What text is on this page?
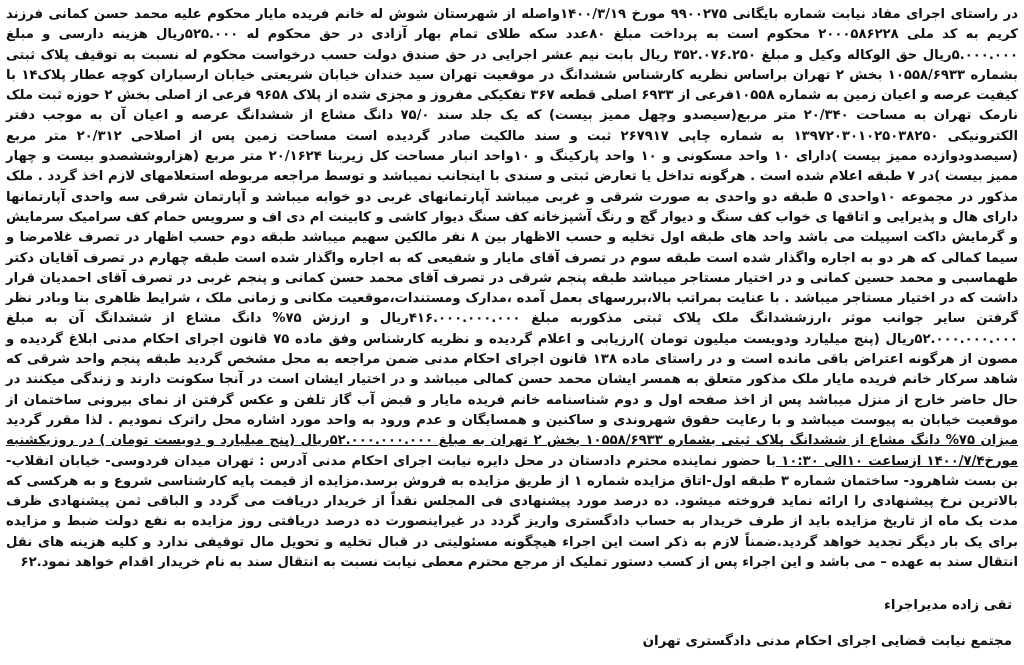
در راستای اجرای مفاد نیابت شماره بایگانی ۹۹۰۰۲۷۵ مورخ ۱۴۰۰/۳/۱۹واصله از شهرستان شوش له خانم فریده مایار محکوم علیه محمد حسن کمانی فرزند کریم به کد ملی ۲۰۰۰۵۸۶۲۲۸ محکوم است به پرداخت مبلغ ۸۰عدد سکه طلای تمام بهار آزادی در حق محکوم له ۵۲۵.۰۰۰ریال هزینه دارسی و مبلغ ۵.۰۰۰.۰۰۰ریال حق الوکاله وکیل و مبلغ ۳۵۲.۰۷۶.۲۵۰ ریال بابت نیم عشر اجرایی در حق صندق دولت حسب درخواست محکوم له نسبت به توقیف پلاک ثبتی بشماره ۱۰۵۵۸/۶۹۳۳ بخش ۲ تهران براساس نظریه کارشناس ششدانگ در موقعیت تهران سید خندان خیابان شریعتی خیابان ارسباران کوچه عطار پلاک۱۴ با کیفیت عرصه و اعیان زمین به شماره ۱۰۵۵۸فرعی از ۶۹۳۳ اصلی قطعه ۳۶۷ تفکیکی مفروز و مجزی شده از پلاک ۹۶۵۸ فرعی از اصلی بخش ۲ حوزه ثبت ملک نارمک تهران به مساحت ۲۰/۳۴۰ متر مربع(سیصدو وچهل ممیز بیست) که یک جلد سند ۷۵/۰ دانگ مشاع از ششدانگ عرصه و اعیان آن به موجب دفتر الکترونیکی ۱۳۹۷۲۰۳۰۱۰۲۵۰۳۸۲۵۰ به شماره چاپی ۲۶۷۹۱۷ ثبت و سند مالکیت صادر گردیده است مساحت زمین پس از اصلاحی ۲۰/۳۱۲ متر مربع (سیصدودوازده ممیز بیست )دارای ۱۰ واحد مسکونی و ۱۰ واحد پارکینگ و ۱۰واحد انبار مساحت کل زیربنا ۲۰/۱۶۲۴ متر مربع (هزاروششصدو بیست و چهار ممیز بیست )در ۷ طبقه اعلام شده است . هرگونه تداخل یا تعارض ثبتی و سندی با اینجانب نمیباشد و توسط مراجعه مربوطه استعلامهای لازم اخذ گردد . ملک مذکور در مجموعه ۱۰واحدی ۵ طبقه دو واحدی به صورت شرقی و غربی میباشد آپارتمانهای غربی دو خوابه میباشد و آپارتمان شرقی سه واحدی آپارتمانها دارای هال و پذیرایی و اتاقها ی خواب کف سنگ و دیوار گچ و رنگ آشپزخانه کف سنگ دیوار کاشی و کابینت ام دی اف و سرویس حمام کف سرامیک سرمایش و گرمایش داکت اسپیلت می باشد واحد های طبقه اول تخلیه و حسب الاظهار بین ۸ نفر مالکین سهیم میباشد طبقه دوم حسب اظهار در تصرف غلامرضا و سیما کمالی که هر دو به اجاره واگذار شده است طبقه سوم در تصرف آقای مایار و شفیعی که به اجاره واگذار شده است طبقه چهارم در تصرف آقایان دکتر طهماسبی و محمد حسین کمانی و در اختیار مستاجر میباشد طبقه پنجم شرقی در تصرف آقای محمد حسن کمانی و پنجم غربی در تصرف آقای احمدیان قرار داشت که در اختیار مستاجر میباشد . با عنایت بمراتب بالا،بررسهای بعمل آمده ،مدارک ومستندات،موقعیت مکانی و زمانی ملک ، شرایط ظاهری بنا وبادر نظر گرفتن سایر جوانب موثر ،ارزششدانگ ملک پلاک ثبتی مذکوربه مبلغ ۴۱۶.۰۰۰.۰۰۰.۰۰۰ریال و ارزش ۷۵% دانگ مشاع از ششدانگ آن به مبلغ ۵۲.۰۰۰.۰۰۰.۰۰۰ریال (پنج میلیارد ودویست میلیون تومان )ارزیابی و اعلام گردیده و نظریه کارشناس وفق ماده ۷۵ قانون اجرای احکام مدنی ابلاغ گردیده و مصون از هرگونه اعتراض باقی مانده است و در راستای ماده ۱۳۸ قانون اجرای احکام مدنی ضمن مراجعه به محل مشخص گردید طبقه پنجم واحد شرقی که شاهد سرکار خانم فریده مایار ملک مذکور متعلق به همسر ایشان محمد حسن کمالی میباشد و در اختیار ایشان است در آنجا سکونت دارند و زندگی میکنند در حال حاضر خارج از منزل میباشد پس از اخذ صفحه اول و دوم شناسنامه خانم فریده مایار و قبض آب گاز تلفن و عکس گرفتن از نمای بیرونی ساختمان از موقعیت خیابان به پیوست میباشد و با رعایت حقوق شهروندی و ساکنین و همسایگان و عدم ورود به واحد مورد اشاره محل راترک نمودیم . لذا مقرر گردید میزان ۷۵% دانگ مشاع از ششدانگ پلاک ثبتی بشماره ۱۰۵۵۸/۶۹۳۳ بخش ۲ تهران به مبلغ ۵۲.۰۰۰.۰۰۰.۰۰۰ریال (پنج میلیارد و دویست تومان ) در روزیکشنبه مورخ۱۴۰۰/۷/۴ ازساعت ۱۰الی ۱۰:۳۰ با حضور نماینده محترم دادستان در محل دایره نیابت اجرای احکام مدنی آدرس : تهران میدان فردوسی- خیابان انقلاب- بن بست شاهرود- ساختمان شماره ۳ طبقه اول-اتاق مزایده شماره ۱ از طریق مزایده به فروش برسد.مزایده از قیمت پایه کارشناسی شروع و به هرکسی که بالاترین نرخ پیشنهادی را ارائه نماید فروخته میشود. ده درصد مورد پیشنهادی فی المجلس نقداً از خریدار دریافت می گردد و الباقی ثمن پیشنهادی ظرف مدت یک ماه از تاریخ مزایده باید از طرف خریدار به حساب دادگستری واریز گردد در غیراینصورت ده درصد دریافتی روز مزایده به نفع دولت ضبط و مزایده برای یک بار دیگر تجدید خواهد گردید.ضمناً لازم به ذکر است این اجراء هیچگونه مسئولیتی در قبال تخلیه و تحویل مال توقیفی ندارد و کلیه هزینه های نقل انتقال سند به عهده – می باشد و این اجراء پس از کسب دستور تملیک از مرجع محترم معطی نیابت نسبت به انتقال سند به نام خریدار اقدام خواهد نمود.۶۲

تقی زاده مدیراجراء
مجتمع نیابت قضایی اجرای احکام مدنی دادگستری تهران
